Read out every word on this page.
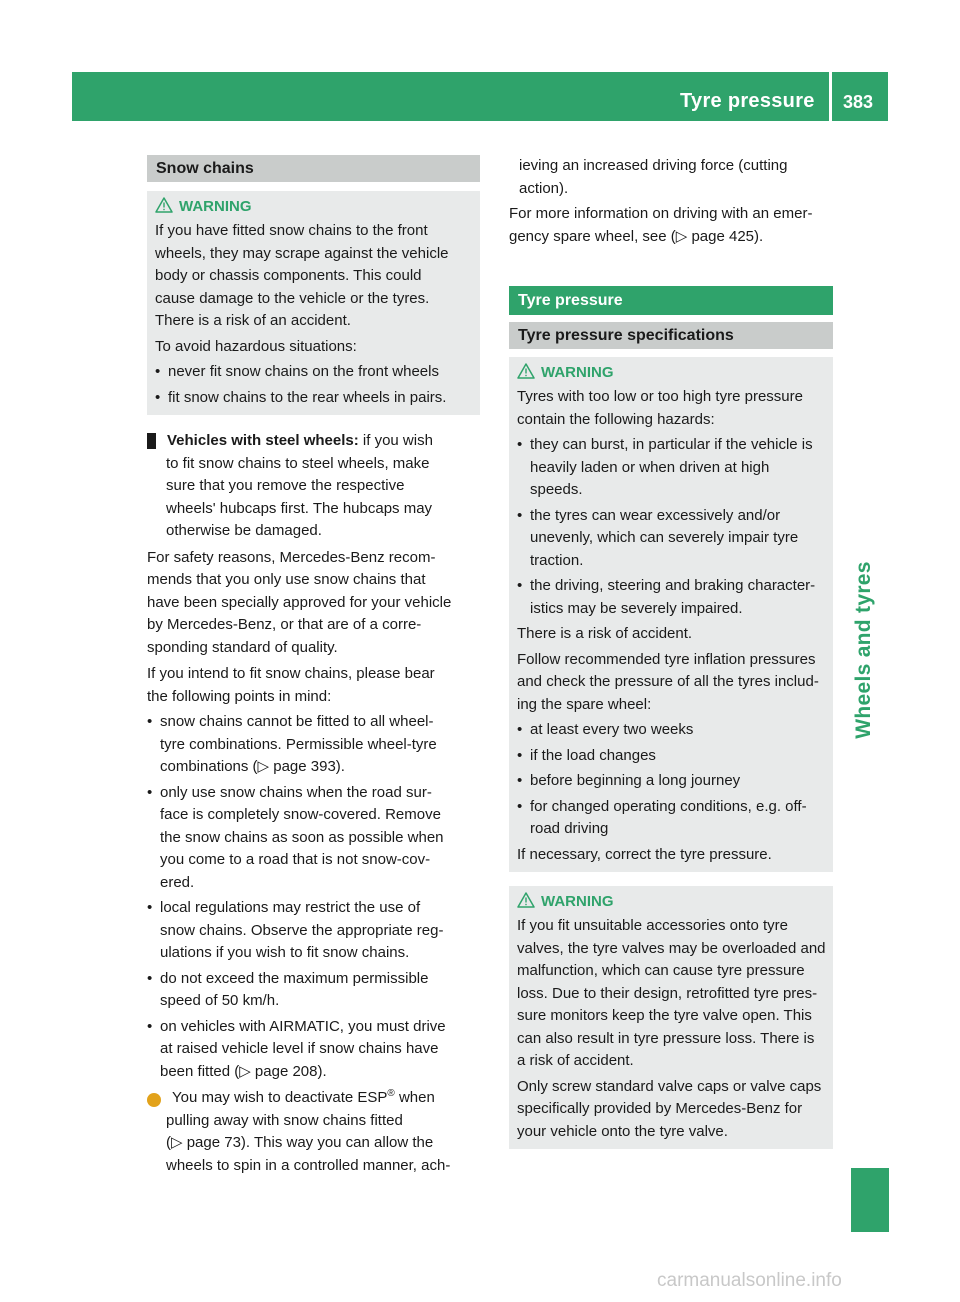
Tyre pressure 383
Wheels and tyres
Snow chains
WARNING

If you have fitted snow chains to the front

wheels, they may scrape against the vehicle

body or chassis components. This could

cause damage to the vehicle or the tyres.

There is a risk of an accident.

To avoid hazardous situations:

• never fit snow chains on the front wheels

• fit snow chains to the rear wheels in pairs.

! Vehicles with steel wheels: if you wish

to fit snow chains to steel wheels, make

sure that you remove the respective

wheels' hubcaps first. The hubcaps may

otherwise be damaged.

For safety reasons, Mercedes-Benz recom-

mends that you only use snow chains that

have been specially approved for your vehicle

by Mercedes-Benz, or that are of a corre-

sponding standard of quality.

If you intend to fit snow chains, please bear

the following points in mind:

• snow chains cannot be fitted to all wheel-

tyre combinations. Permissible wheel-tyre

combinations (▷ page 393).

• only use snow chains when the road sur-

face is completely snow-covered. Remove

the snow chains as soon as possible when

you come to a road that is not snow-cov-

ered.

• local regulations may restrict the use of

snow chains. Observe the appropriate reg-

ulations if you wish to fit snow chains.

• do not exceed the maximum permissible

speed of 50 km/h.

• on vehicles with AIRMATIC, you must drive

at raised vehicle level if snow chains have

been fitted (▷ page 208).

i You may wish to deactivate ESP® when

pulling away with snow chains fitted

(▷ page 73). This way you can allow the

wheels to spin in a controlled manner, ach-

ieving an increased driving force (cutting

action).

For more information on driving with an emer-

gency spare wheel, see (▷ page 425).

Tyre pressure
Tyre pressure specifications
WARNING

Tyres with too low or too high tyre pressure

contain the following hazards:

• they can burst, in particular if the vehicle is

heavily laden or when driven at high

speeds.

• the tyres can wear excessively and/or

unevenly, which can severely impair tyre

traction.

• the driving, steering and braking character-

istics may be severely impaired.

There is a risk of accident.

Follow recommended tyre inflation pressures

and check the pressure of all the tyres includ-

ing the spare wheel:

• at least every two weeks

• if the load changes

• before beginning a long journey

• for changed operating conditions, e.g. off-

road driving

If necessary, correct the tyre pressure.

WARNING

If you fit unsuitable accessories onto tyre

valves, the tyre valves may be overloaded and

malfunction, which can cause tyre pressure

loss. Due to their design, retrofitted tyre pres-

sure monitors keep the tyre valve open. This

can also result in tyre pressure loss. There is

a risk of accident.

Only screw standard valve caps or valve caps

specifically provided by Mercedes-Benz for

your vehicle onto the tyre valve.

carmanualsonline.info
